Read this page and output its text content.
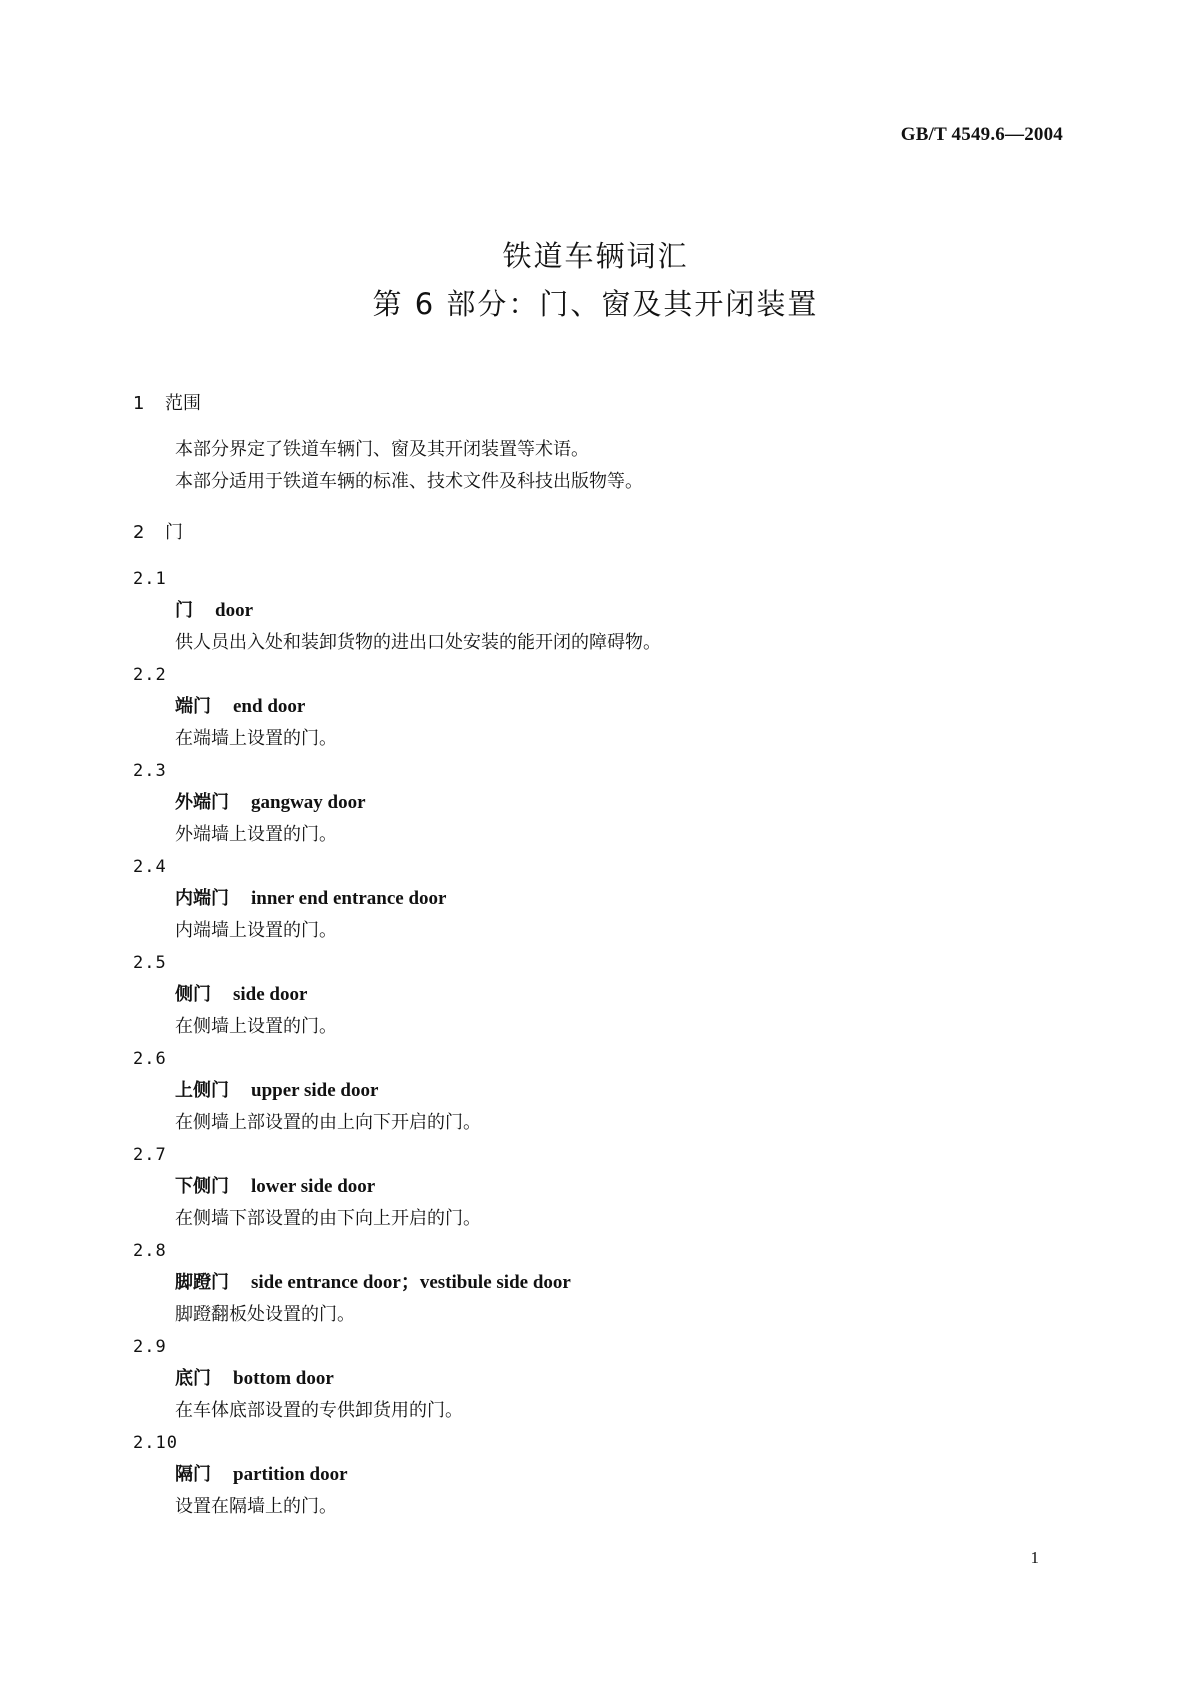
GB/T 4549.6—2004
铁道车辆词汇
第 6 部分：门、窗及其开闭装置
1 范围
本部分界定了铁道车辆门、窗及其开闭装置等术语。
本部分适用于铁道车辆的标准、技术文件及科技出版物等。
2 门
2.1
门 door
供人员出入处和装卸货物的进出口处安装的能开闭的障碍物。
2.2
端门 end door
在端墙上设置的门。
2.3
外端门 gangway door
外端墙上设置的门。
2.4
内端门 inner end entrance door
内端墙上设置的门。
2.5
侧门 side door
在侧墙上设置的门。
2.6
上侧门 upper side door
在侧墙上部设置的由上向下开启的门。
2.7
下侧门 lower side door
在侧墙下部设置的由下向上开启的门。
2.8
脚蹬门 side entrance door；vestibule side door
脚蹬翻板处设置的门。
2.9
底门 bottom door
在车体底部设置的专供卸货用的门。
2.10
隔门 partition door
设置在隔墙上的门。
1
